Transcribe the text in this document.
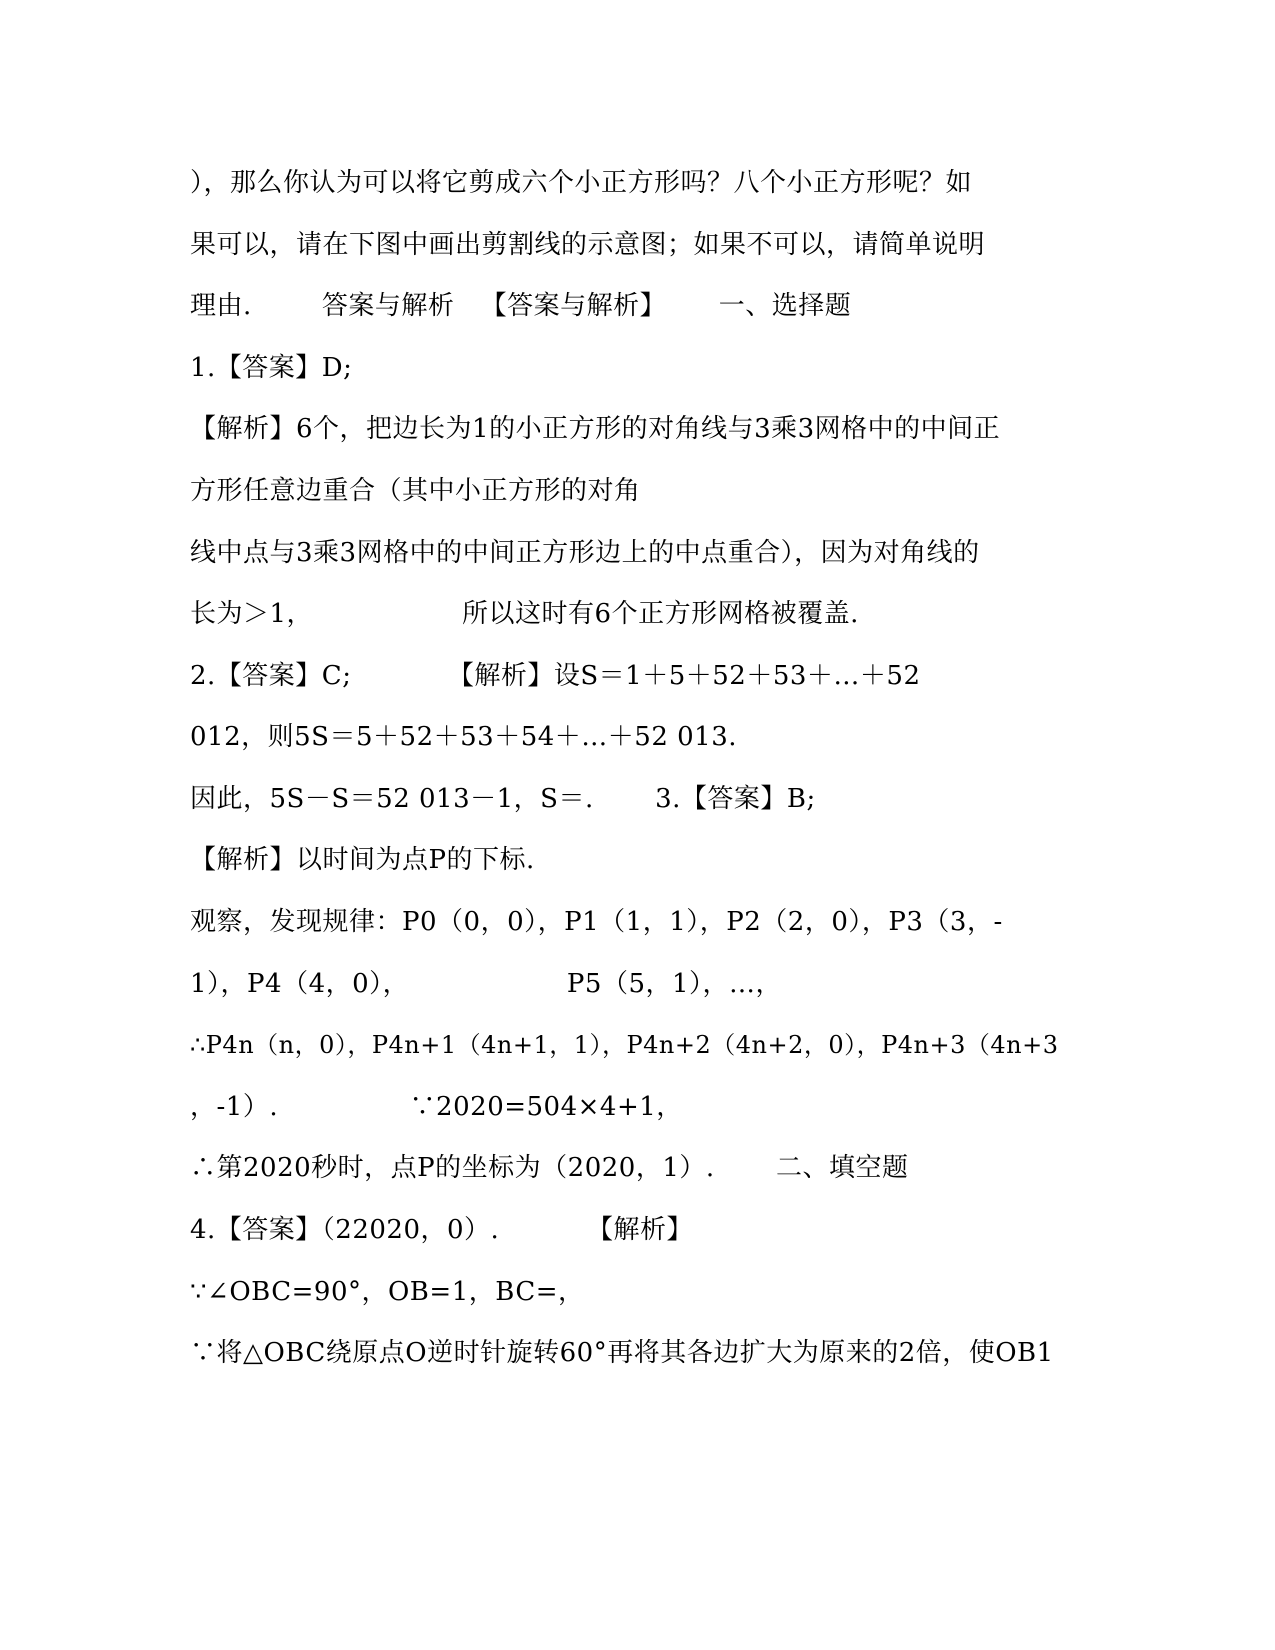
），那么你认为可以将它剪成六个小正方形吗？八个小正方形呢？如
果可以，请在下图中画出剪割线的示意图；如果不可以，请简单说明
理由.        答案与解析   【答案与解析】      一、选择题
1.【答案】D;
【解析】6个，把边长为1的小正方形的对角线与3乘3网格中的中间正
方形任意边重合（其中小正方形的对角
线中点与3乘3网格中的中间正方形边上的中点重合），因为对角线的
长为＞1，                 所以这时有6个正方形网格被覆盖.
2.【答案】C;           【解析】设S＝1＋5＋52＋53＋…＋52
012，则5S＝5＋52＋53＋54＋…＋52 013.
因此，5S－S＝52 013－1，S＝.       3.【答案】B;
【解析】以时间为点P的下标.
观察，发现规律：P0（0，0），P1（1，1），P2（2，0），P3（3，-
1），P4（4，0），                  P5（5，1），…，
∴P4n（n，0），P4n+1（4n+1，1），P4n+2（4n+2，0），P4n+3（4n+3
，-1）.               ∵2020=504×4+1，
∴第2020秒时，点P的坐标为（2020，1）.       二、填空题
4.【答案】（22020，0）.          【解析】
∵∠OBC=90°，OB=1，BC=，
∵将△OBC绕原点O逆时针旋转60°再将其各边扩大为原来的2倍，使OB1
